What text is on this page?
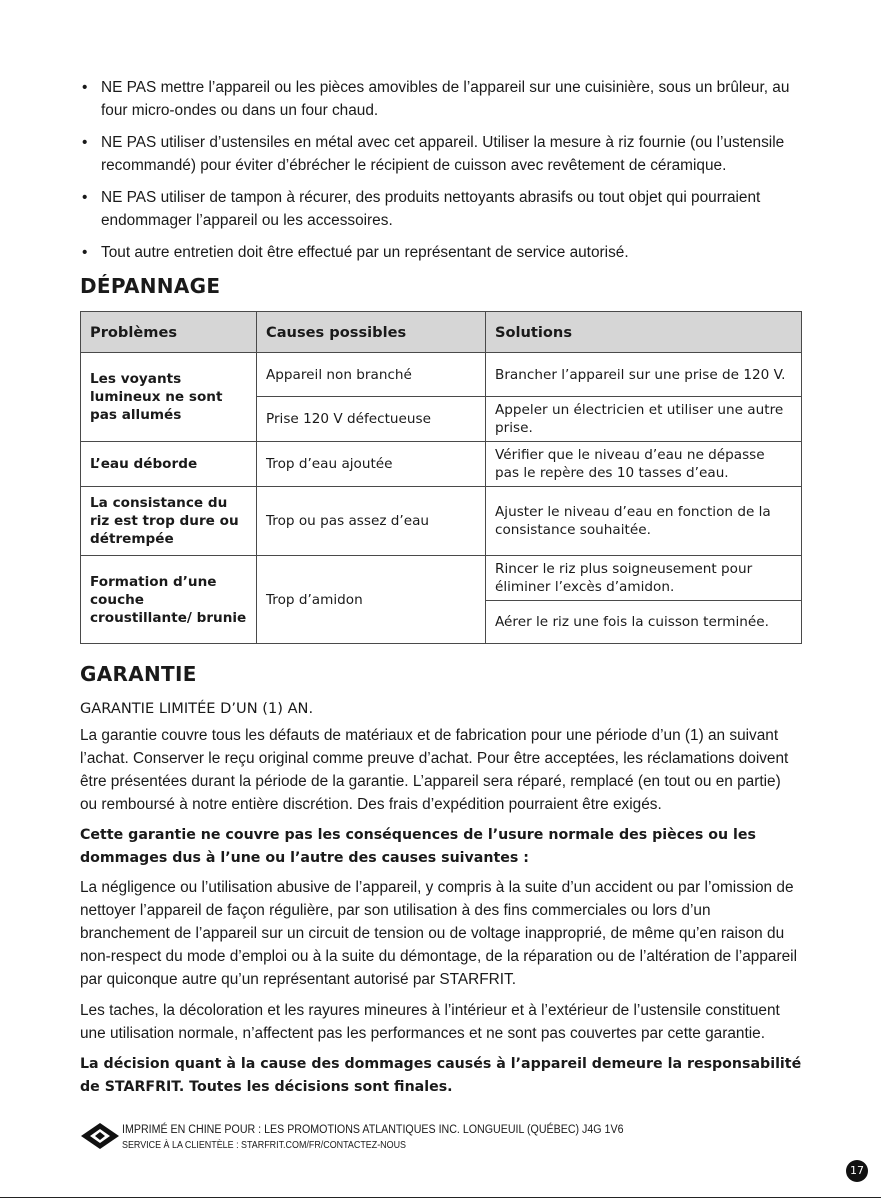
• NE PAS mettre l’appareil ou les pièces amovibles de l’appareil sur une cuisinière, sous un brûleur, au four micro-ondes ou dans un four chaud.
• NE PAS utiliser d’ustensiles en métal avec cet appareil. Utiliser la mesure à riz fournie (ou l’ustensile recommandé) pour éviter d’ébrécher le récipient de cuisson avec revêtement de céramique.
• NE PAS utiliser de tampon à récurer, des produits nettoyants abrasifs ou tout objet qui pourraient endommager l’appareil ou les accessoires.
• Tout autre entretien doit être effectué par un représentant de service autorisé.
DÉPANNAGE
Problèmes	Causes possibles	Solutions
Les voyants lumineux ne sont pas allumés	Appareil non branché	Brancher l’appareil sur une prise de 120 V.
	Prise 120 V défectueuse	Appeler un électricien et utiliser une autre prise.
L’eau déborde	Trop d’eau ajoutée	Vérifier que le niveau d’eau ne dépasse pas le repère des 10 tasses d’eau.
La consistance du riz est trop dure ou détrempée	Trop ou pas assez d’eau	Ajuster le niveau d’eau en fonction de la consistance souhaitée.
Formation d’une couche croustillante/ brunie	Trop d’amidon	Rincer le riz plus soigneusement pour éliminer l’excès d’amidon.
		Aérer le riz une fois la cuisson terminée.
GARANTIE

GARANTIE LIMITÉE D’UN (1) AN.

La garantie couvre tous les défauts de matériaux et de fabrication pour une période d’un (1) an suivant l’achat. Conserver le reçu original comme preuve d’achat. Pour être acceptées, les réclamations doivent être présentées durant la période de la garantie. L’appareil sera réparé, remplacé (en tout ou en partie) ou remboursé à notre entière discrétion. Des frais d’expédition pourraient être exigés.

Cette garantie ne couvre pas les conséquences de l’usure normale des pièces ou les dommages dus à l’une ou l’autre des causes suivantes :

La négligence ou l’utilisation abusive de l’appareil, y compris à la suite d’un accident ou par l’omission de nettoyer l’appareil de façon régulière, par son utilisation à des fins commerciales ou lors d’un branchement de l’appareil sur un circuit de tension ou de voltage inapproprié, de même qu’en raison du non-respect du mode d’emploi ou à la suite du démontage, de la réparation ou de l’altération de l’appareil par quiconque autre qu’un représentant autorisé par STARFRIT.

Les taches, la décoloration et les rayures mineures à l’intérieur et à l’extérieur de l’ustensile constituent une utilisation normale, n’affectent pas les performances et ne sont pas couvertes par cette garantie.

La décision quant à la cause des dommages causés à l’appareil demeure la responsabilité de STARFRIT. Toutes les décisions sont finales.

IMPRIMÉ EN CHINE POUR : LES PROMOTIONS ATLANTIQUES INC. LONGUEUIL (QUÉBEC) J4G 1V6
SERVICE À LA CLIENTÈLE : STARFRIT.COM/FR/CONTACTEZ-NOUS
17
